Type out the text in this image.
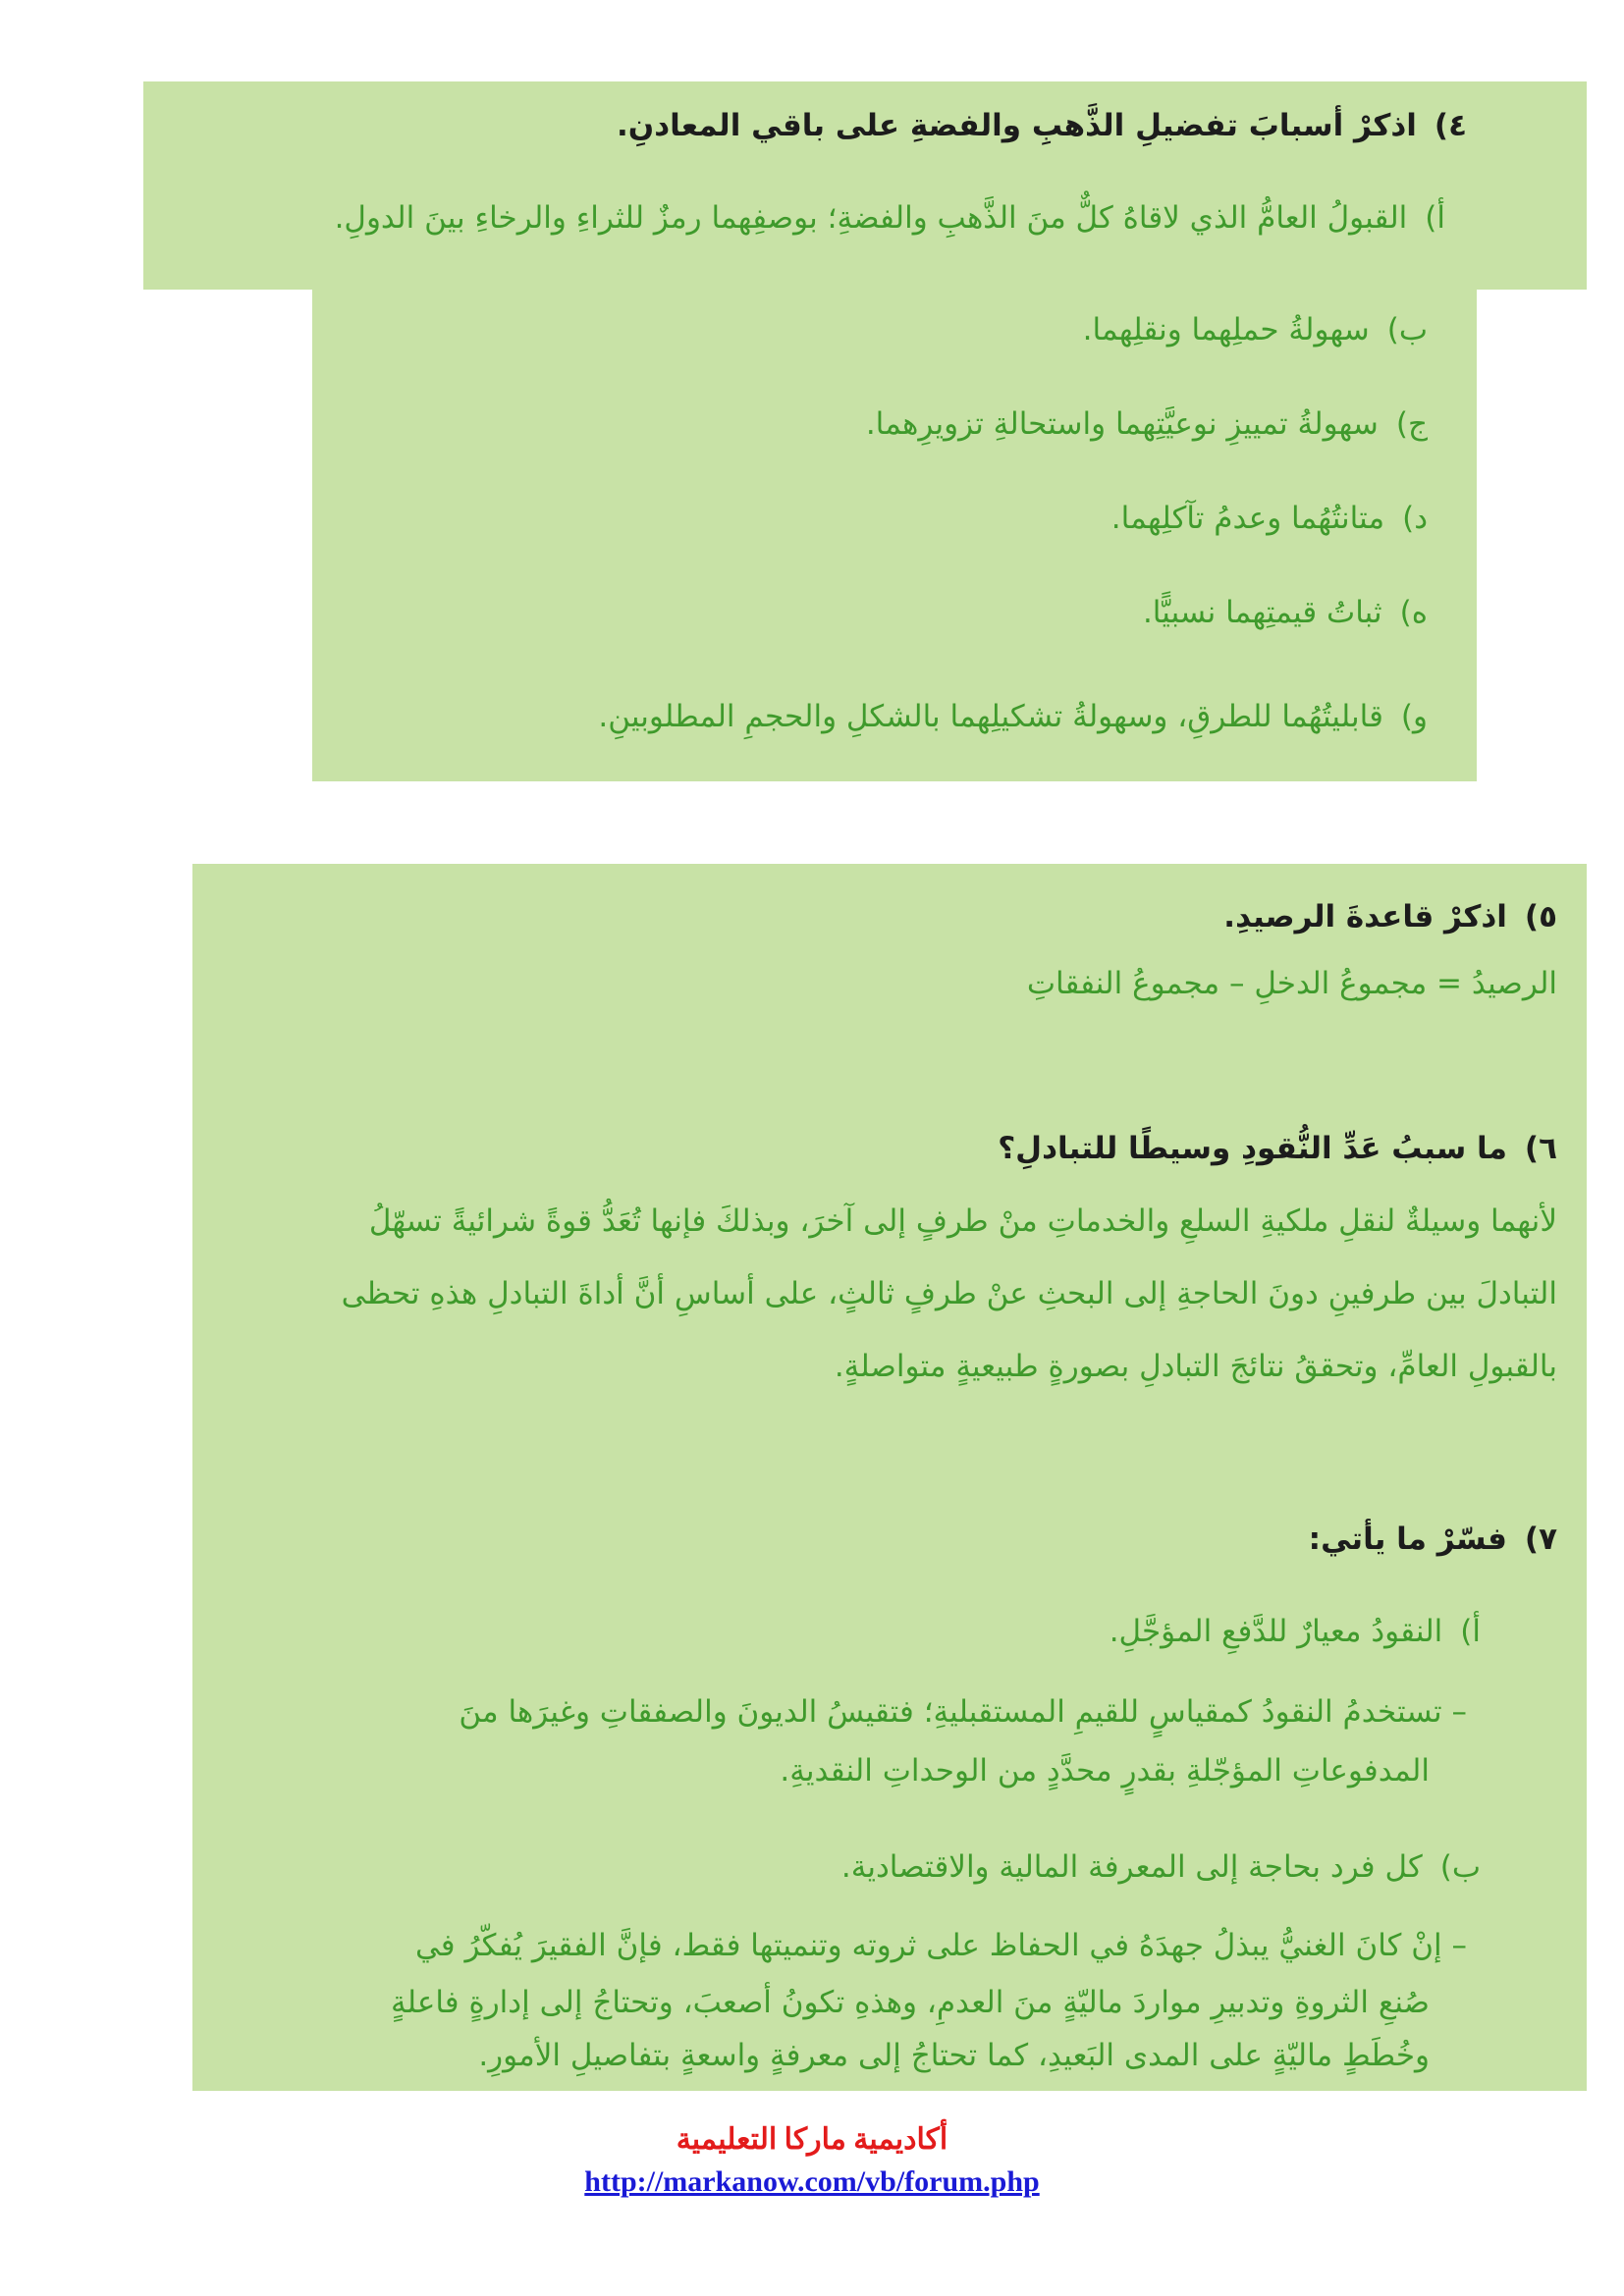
٤)اذكرْ أسبابَ تفضيلِ الذَّهبِ والفضةِ على باقي المعادنِ.
أ)القبولُ العامُّ الذي لاقاهُ كلٌّ منَ الذَّهبِ والفضةِ؛ بوصفِهما رمزٌ للثراءِ والرخاءِ بينَ الدولِ.
ب)سهولةُ حملِهما ونقلِهما.
ج)سهولةُ تمييزِ نوعيَّتِهما واستحالةِ تزويرِهما.
د)متانتُهُما وعدمُ تآكلِهما.
ه)ثباتُ قيمتِهما نسبيًّا.
و)قابليتُهُما للطرقِ، وسهولةُ تشكيلِهما بالشكلِ والحجمِ المطلوبينِ.
٥)اذكرْ قاعدةَ الرصيدِ.
الرصيدُ = مجموعُ الدخلِ – مجموعُ النفقاتِ
٦)ما سببُ عَدِّ النُّقودِ وسيطًا للتبادلِ؟
لأنهما وسيلةٌ لنقلِ ملكيةِ السلعِ والخدماتِ منْ طرفٍ إلى آخرَ، وبذلكَ فإنها تُعَدُّ قوةً شرائيةً تسهّلُ
التبادلَ بين طرفينِ دونَ الحاجةِ إلى البحثِ عنْ طرفٍ ثالثٍ، على أساسِ أنَّ أداةَ التبادلِ هذهِ تحظى
بالقبولِ العامِّ، وتحققُ نتائجَ التبادلِ بصورةٍ طبيعيةٍ متواصلةٍ.
٧)فسّرْ ما يأتي:
أ)النقودُ معيارٌ للدَّفعِ المؤجَّلِ.
– تستخدمُ النقودُ كمقياسٍ للقيمِ المستقبليةِ؛ فتقيسُ الديونَ والصفقاتِ وغيرَها منَ
المدفوعاتِ المؤجّلةِ بقدرٍ محدَّدٍ من الوحداتِ النقديةِ.
ب)كل فرد بحاجة إلى المعرفة المالية والاقتصادية.
– إنْ كانَ الغنيُّ يبذلُ جهدَهُ في الحفاظ على ثروته وتنميتها فقط، فإنَّ الفقيرَ يُفكّرُ في
صُنعِ الثروةِ وتدبيرِ مواردَ ماليّةٍ منَ العدمِ، وهذهِ تكونُ أصعبَ، وتحتاجُ إلى إدارةٍ فاعلةٍ
وخُطَطٍ ماليّةٍ على المدى البَعيدِ، كما تحتاجُ إلى معرفةٍ واسعةٍ بتفاصيلِ الأمورِ.
أكاديمية ماركا التعليمية
http://markanow.com/vb/forum.php
